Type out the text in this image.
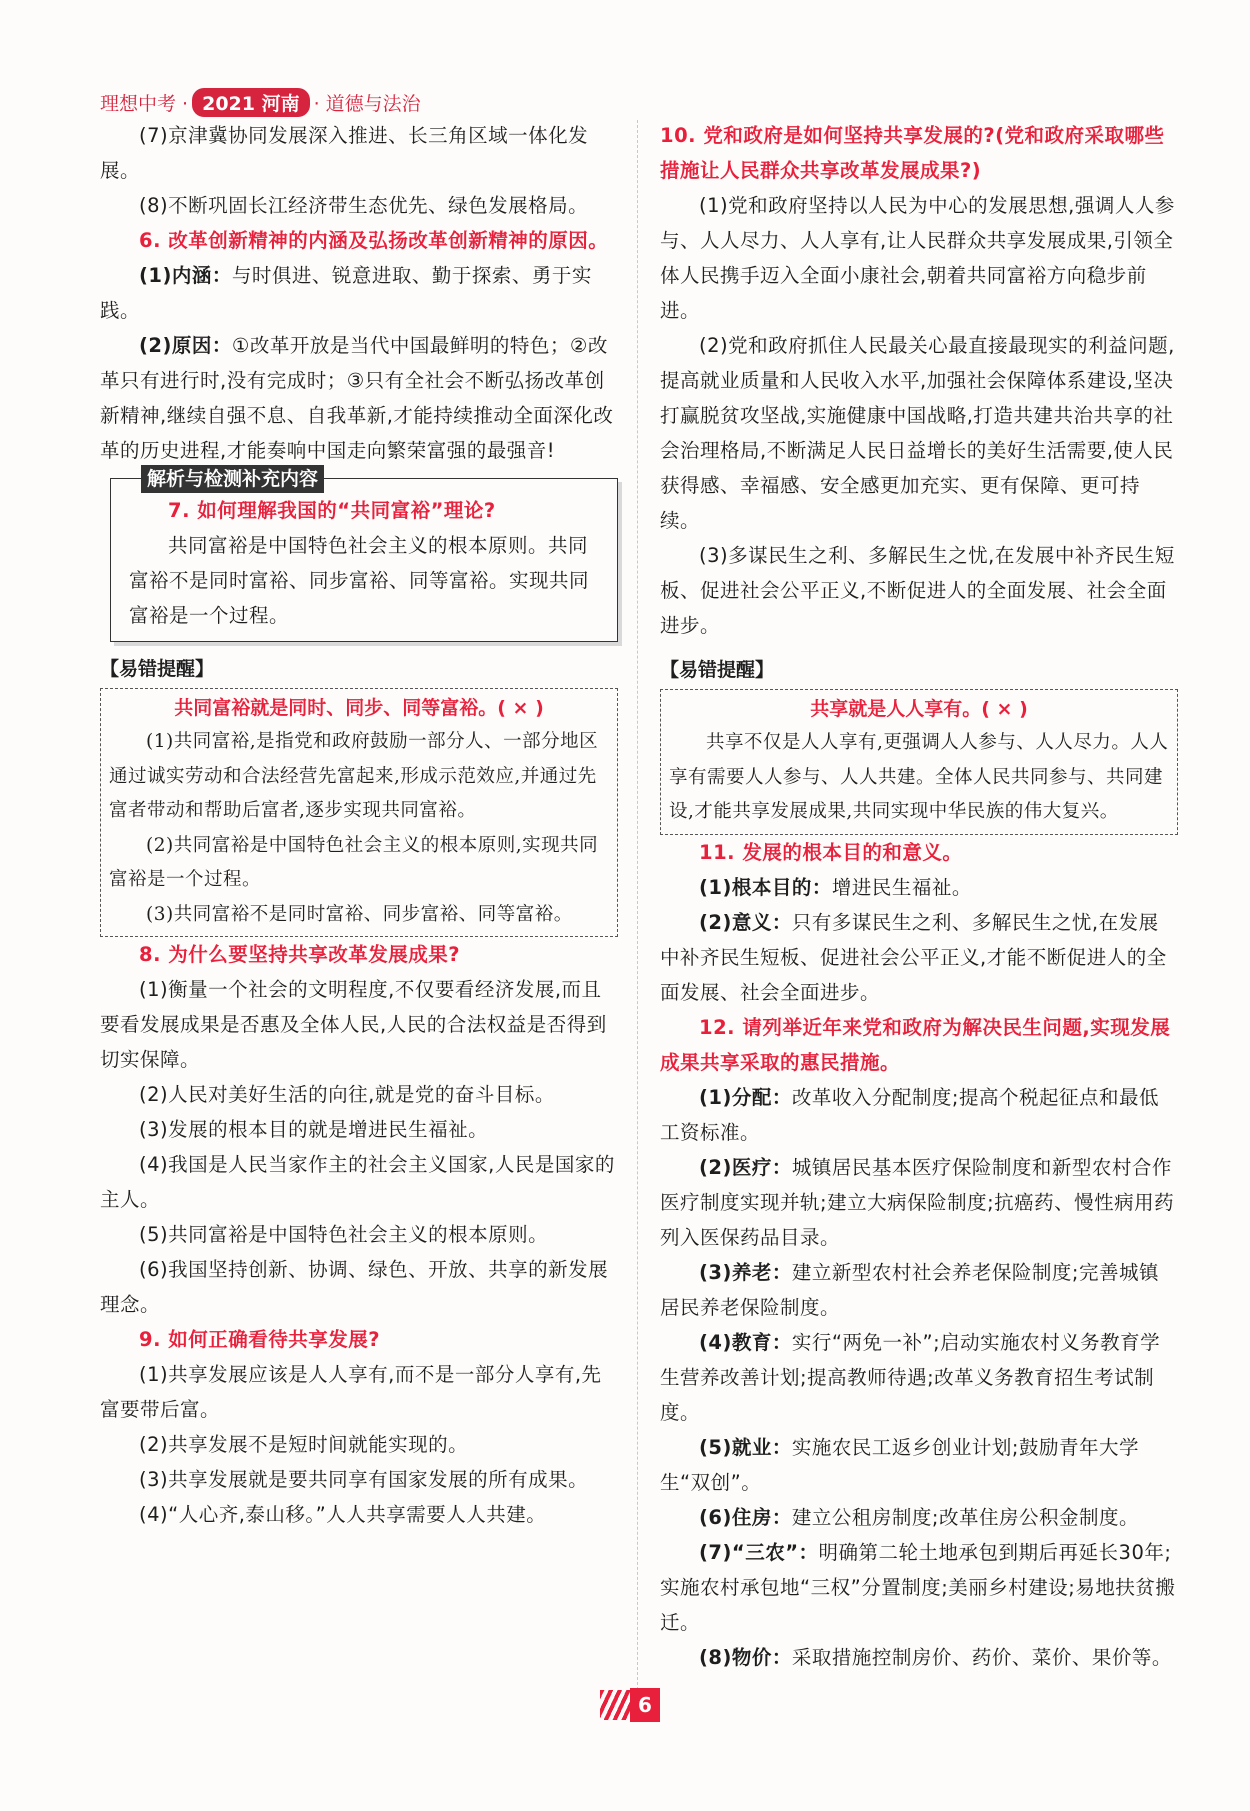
理想中考 · 2021 河南 · 道德与法治

(7)京津冀协同发展深入推进、长三角区域一体化发展。

(8)不断巩固长江经济带生态优先、绿色发展格局。

6. 改革创新精神的内涵及弘扬改革创新精神的原因。

(1)内涵：与时俱进、锐意进取、勤于探索、勇于实践。

(2)原因：①改革开放是当代中国最鲜明的特色；②改革只有进行时,没有完成时；③只有全社会不断弘扬改革创新精神,继续自强不息、自我革新,才能持续推动全面深化改革的历史进程,才能奏响中国走向繁荣富强的最强音!

解析与检测补充内容

7. 如何理解我国的“共同富裕”理论?

共同富裕是中国特色社会主义的根本原则。共同富裕不是同时富裕、同步富裕、同等富裕。实现共同富裕是一个过程。

【易错提醒】
共同富裕就是同时、同步、同等富裕。( × )

(1)共同富裕,是指党和政府鼓励一部分人、一部分地区通过诚实劳动和合法经营先富起来,形成示范效应,并通过先富者带动和帮助后富者,逐步实现共同富裕。

(2)共同富裕是中国特色社会主义的根本原则,实现共同富裕是一个过程。

(3)共同富裕不是同时富裕、同步富裕、同等富裕。

8. 为什么要坚持共享改革发展成果?

(1)衡量一个社会的文明程度,不仅要看经济发展,而且要看发展成果是否惠及全体人民,人民的合法权益是否得到切实保障。

(2)人民对美好生活的向往,就是党的奋斗目标。

(3)发展的根本目的就是增进民生福祉。

(4)我国是人民当家作主的社会主义国家,人民是国家的主人。

(5)共同富裕是中国特色社会主义的根本原则。

(6)我国坚持创新、协调、绿色、开放、共享的新发展理念。

9. 如何正确看待共享发展?

(1)共享发展应该是人人享有,而不是一部分人享有,先富要带后富。

(2)共享发展不是短时间就能实现的。

(3)共享发展就是要共同享有国家发展的所有成果。

(4)“人心齐,泰山移。”人人共享需要人人共建。

10. 党和政府是如何坚持共享发展的?(党和政府采取哪些措施让人民群众共享改革发展成果?)

(1)党和政府坚持以人民为中心的发展思想,强调人人参与、人人尽力、人人享有,让人民群众共享发展成果,引领全体人民携手迈入全面小康社会,朝着共同富裕方向稳步前进。

(2)党和政府抓住人民最关心最直接最现实的利益问题,提高就业质量和人民收入水平,加强社会保障体系建设,坚决打赢脱贫攻坚战,实施健康中国战略,打造共建共治共享的社会治理格局,不断满足人民日益增长的美好生活需要,使人民获得感、幸福感、安全感更加充实、更有保障、更可持续。

(3)多谋民生之利、多解民生之忧,在发展中补齐民生短板、促进社会公平正义,不断促进人的全面发展、社会全面进步。

【易错提醒】
共享就是人人享有。( × )

共享不仅是人人享有,更强调人人参与、人人尽力。人人享有需要人人参与、人人共建。全体人民共同参与、共同建设,才能共享发展成果,共同实现中华民族的伟大复兴。

11. 发展的根本目的和意义。

(1)根本目的：增进民生福祉。

(2)意义：只有多谋民生之利、多解民生之忧,在发展中补齐民生短板、促进社会公平正义,才能不断促进人的全面发展、社会全面进步。

12. 请列举近年来党和政府为解决民生问题,实现发展成果共享采取的惠民措施。

(1)分配：改革收入分配制度;提高个税起征点和最低工资标准。

(2)医疗：城镇居民基本医疗保险制度和新型农村合作医疗制度实现并轨;建立大病保险制度;抗癌药、慢性病用药列入医保药品目录。

(3)养老：建立新型农村社会养老保险制度;完善城镇居民养老保险制度。

(4)教育：实行“两免一补”;启动实施农村义务教育学生营养改善计划;提高教师待遇;改革义务教育招生考试制度。

(5)就业：实施农民工返乡创业计划;鼓励青年大学生“双创”。

(6)住房：建立公租房制度;改革住房公积金制度。

(7)“三农”：明确第二轮土地承包到期后再延长30年;实施农村承包地“三权”分置制度;美丽乡村建设;易地扶贫搬迁。

(8)物价：采取措施控制房价、药价、菜价、果价等。

6
